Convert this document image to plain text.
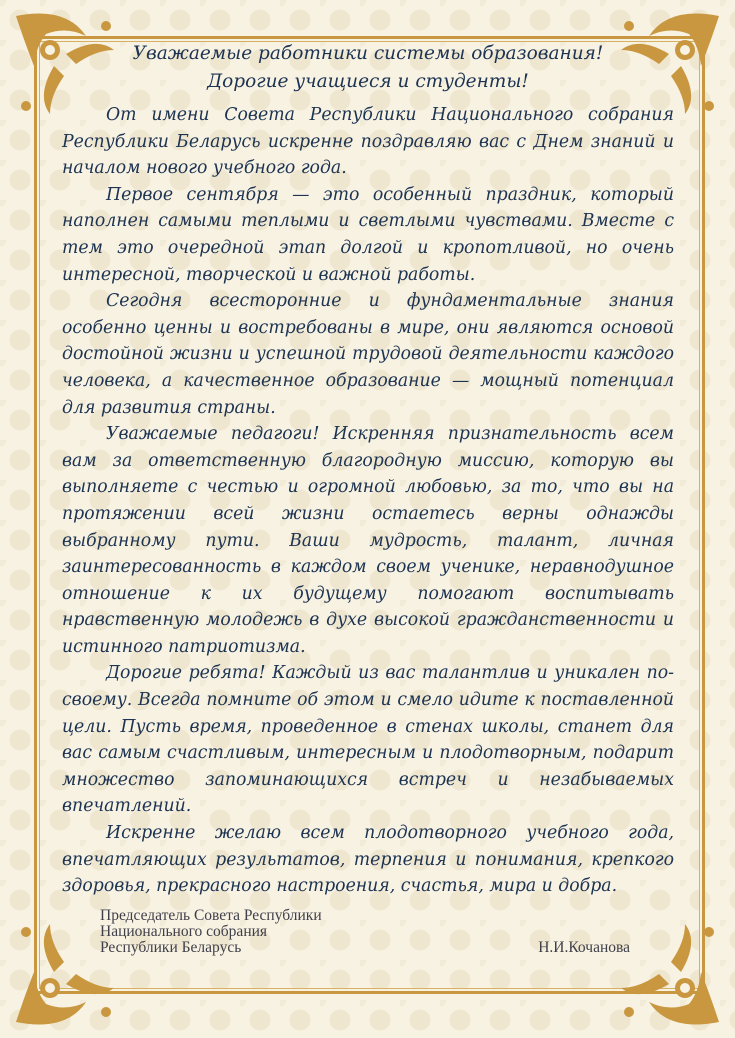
Уважаемые работники системы образования!
Дорогие учащиеся и студенты!

От имени Совета Республики Национального собрания Республики Беларусь искренне поздравляю вас с Днем знаний и началом нового учебного года.

Первое сентября — это особенный праздник, который наполнен самыми теплыми и светлыми чувствами. Вместе с тем это очередной этап долгой и кропотливой, но очень интересной, творческой и важной работы.

Сегодня всесторонние и фундаментальные знания особенно ценны и востребованы в мире, они являются основой достойной жизни и успешной трудовой деятельности каждого человека, а качественное образование — мощный потенциал для развития страны.

Уважаемые педагоги! Искренняя признательность всем вам за ответственную благородную миссию, которую вы выполняете с честью и огромной любовью, за то, что вы на протяжении всей жизни остаетесь верны однажды выбранному пути. Ваши мудрость, талант, личная заинтересованность в каждом своем ученике, неравнодушное отношение к их будущему помогают воспитывать нравственную молодежь в духе высокой гражданственности и истинного патриотизма.

Дорогие ребята! Каждый из вас талантлив и уникален по-своему. Всегда помните об этом и смело идите к поставленной цели. Пусть время, проведенное в стенах школы, станет для вас самым счастливым, интересным и плодотворным, подарит множество запоминающихся встреч и незабываемых впечатлений.

Искренне желаю всем плодотворного учебного года, впечатляющих результатов, терпения и понимания, крепкого здоровья, прекрасного настроения, счастья, мира и добра.

Председатель Совета Республики
Национального собрания
Республики Беларусь	Н.И.Кочанова
